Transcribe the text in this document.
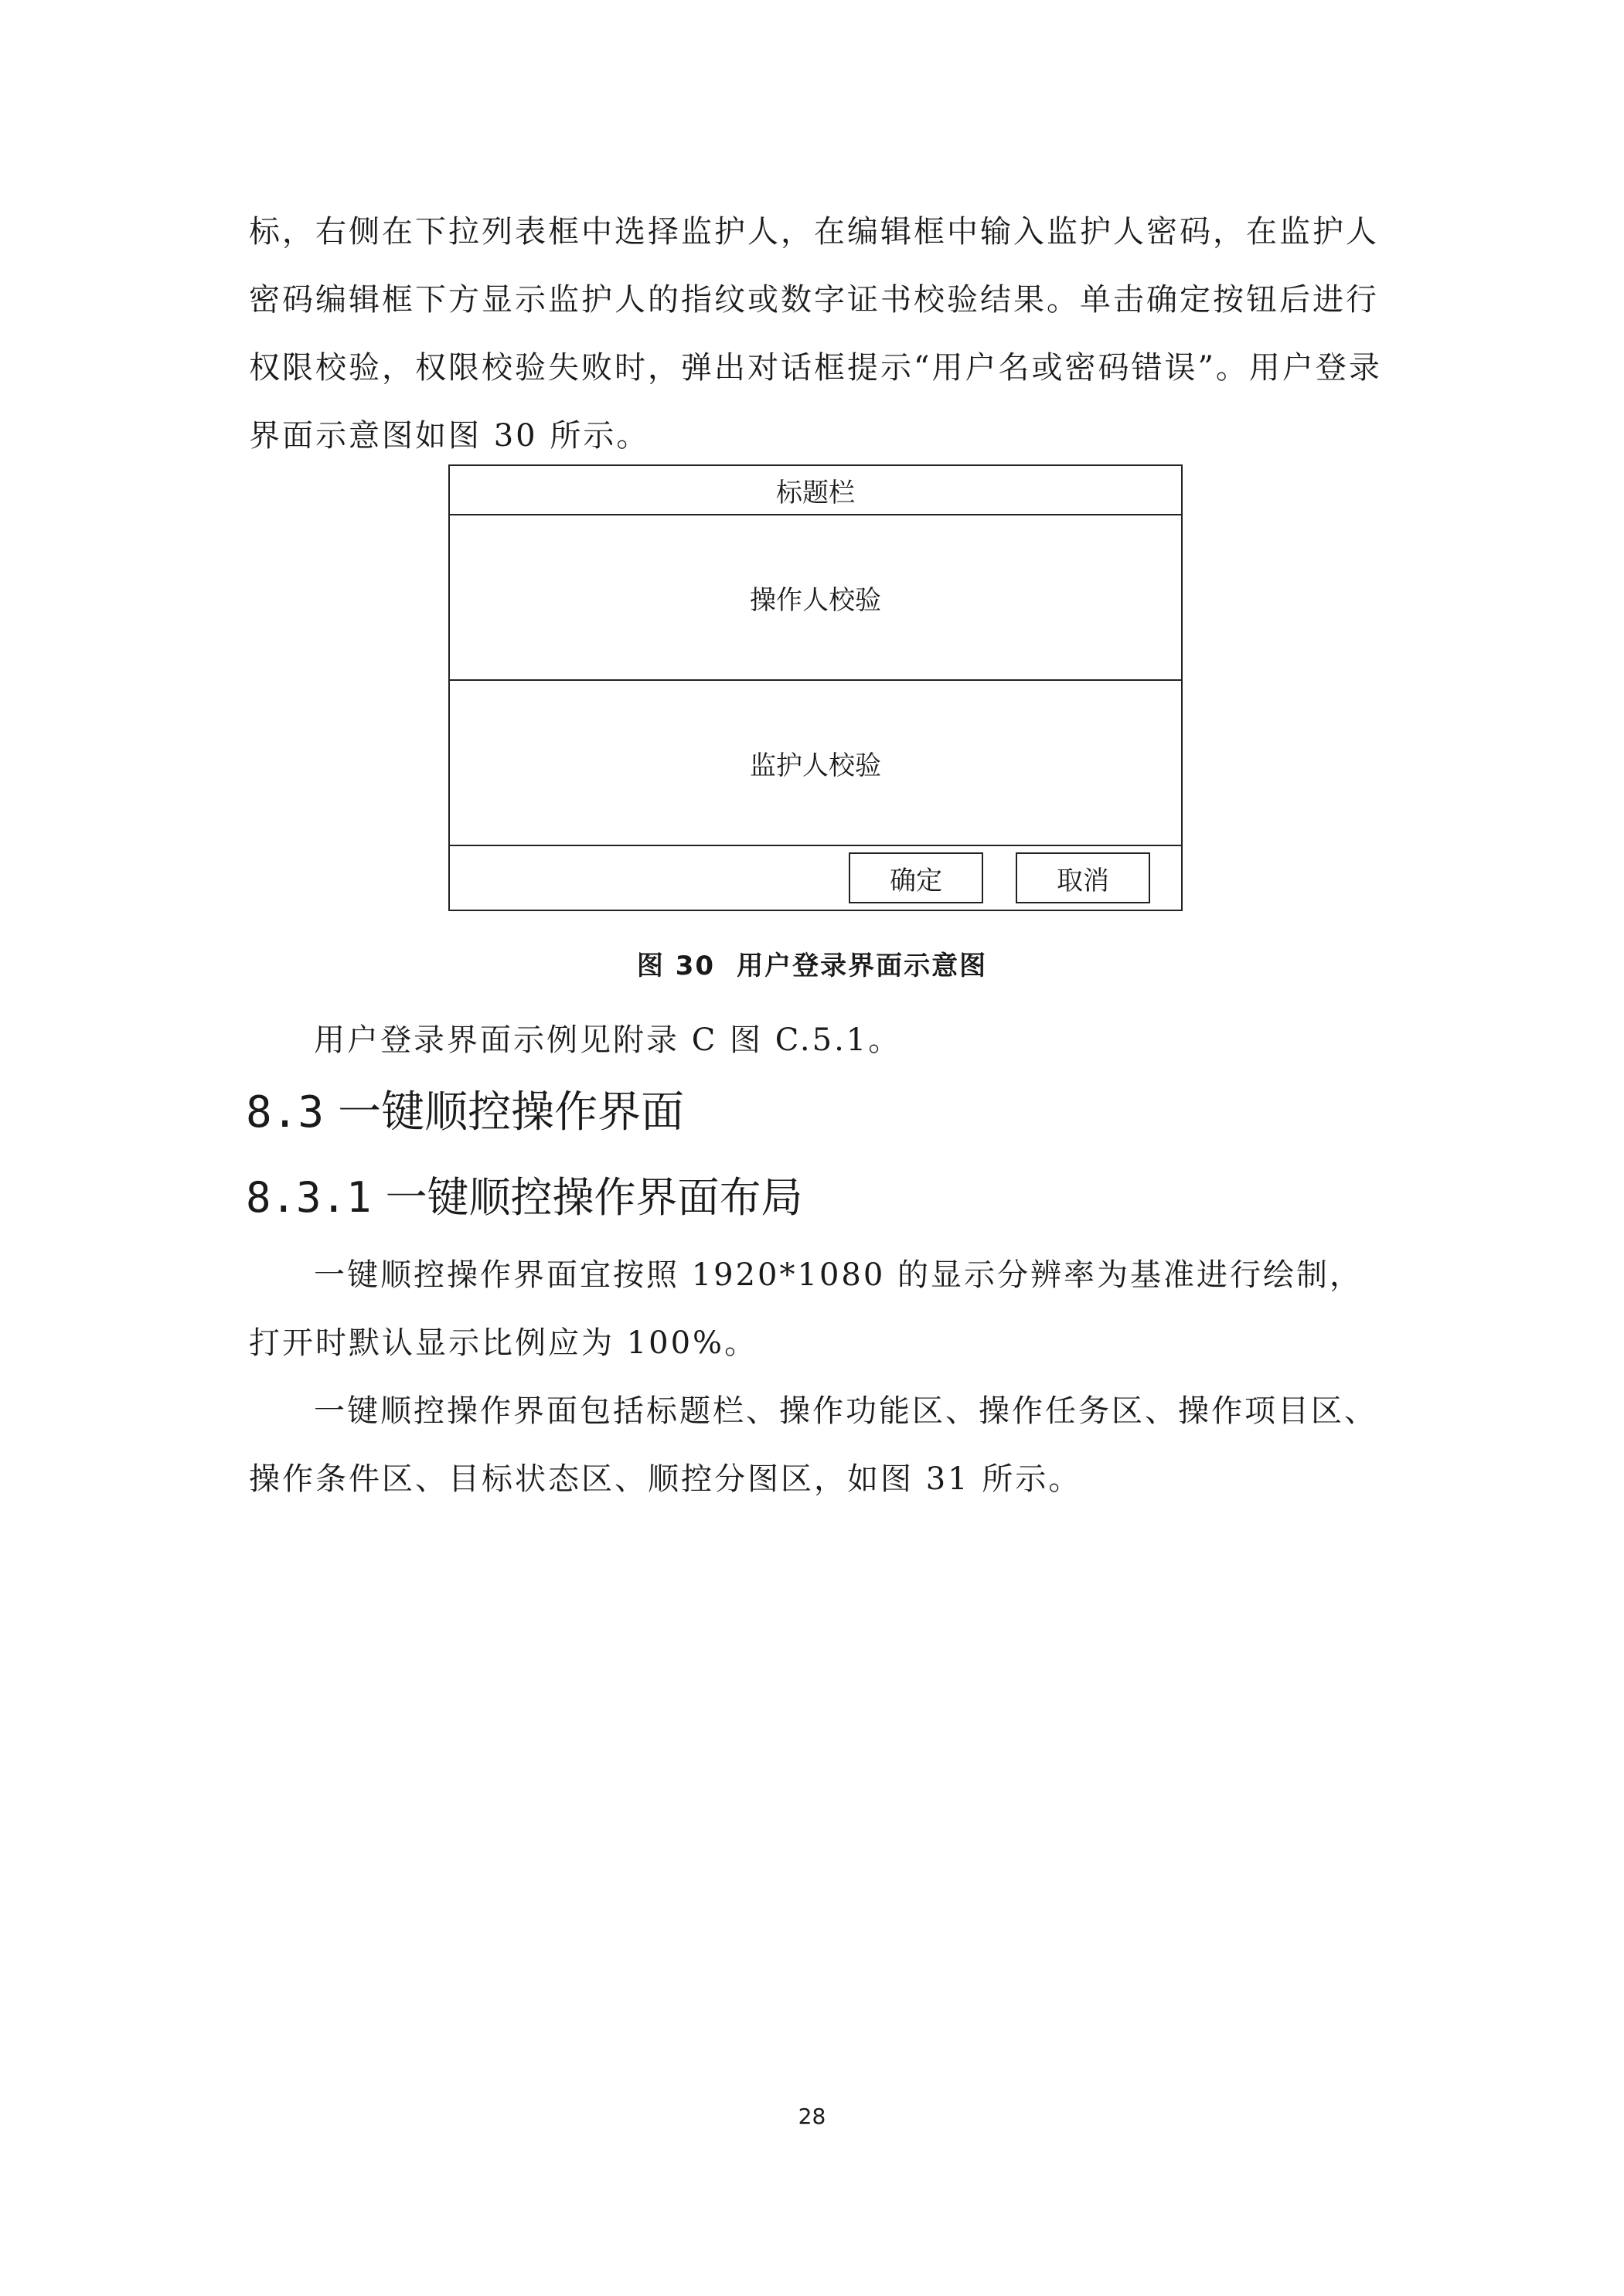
标，右侧在下拉列表框中选择监护人，在编辑框中输入监护人密码，在监护人密码编辑框下方显示监护人的指纹或数字证书校验结果。单击确定按钮后进行权限校验，权限校验失败时，弹出对话框提示“用户名或密码错误”。用户登录界面示意图如图 30 所示。

标题栏
操作人校验
监护人校验
确定	取消
图 30 用户登录界面示意图

用户登录界面示例见附录 C 图 C.5.1。

8.3 一键顺控操作界面
8.3.1 一键顺控操作界面布局

一键顺控操作界面宜按照 1920*1080 的显示分辨率为基准进行绘制，打开时默认显示比例应为 100%。

一键顺控操作界面包括标题栏、操作功能区、操作任务区、操作项目区、操作条件区、目标状态区、顺控分图区，如图 31 所示。

28
